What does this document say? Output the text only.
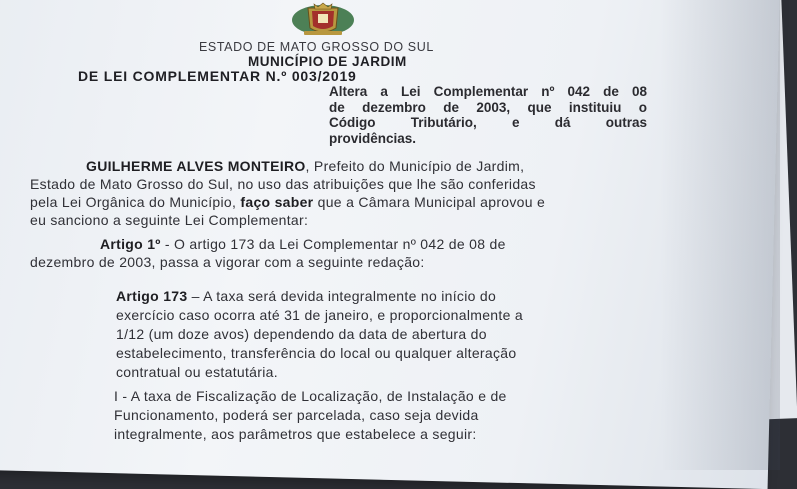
ESTADO DE MATO GROSSO DO SUL
MUNICÍPIO DE JARDIM
DE LEI COMPLEMENTAR N.º 003/2019
Altera a Lei Complementar nº 042 de 08
de dezembro de 2003, que instituiu o
Código Tributário, e dá outras
providências.
GUILHERME ALVES MONTEIRO, Prefeito do Município de Jardim,
Estado de Mato Grosso do Sul, no uso das atribuições que lhe são conferidas
pela Lei Orgânica do Município, faço saber que a Câmara Municipal aprovou e
eu sanciono a seguinte Lei Complementar:
Artigo 1º - O artigo 173 da Lei Complementar nº 042 de 08 de
dezembro de 2003, passa a vigorar com a seguinte redação:
Artigo 173 – A taxa será devida integralmente no início do
exercício caso ocorra até 31 de janeiro, e proporcionalmente a
1/12 (um doze avos) dependendo da data de abertura do
estabelecimento, transferência do local ou qualquer alteração
contratual ou estatutária.
I - A taxa de Fiscalização de Localização, de Instalação e de
Funcionamento, poderá ser parcelada, caso seja devida
integralmente, aos parâmetros que estabelece a seguir:
